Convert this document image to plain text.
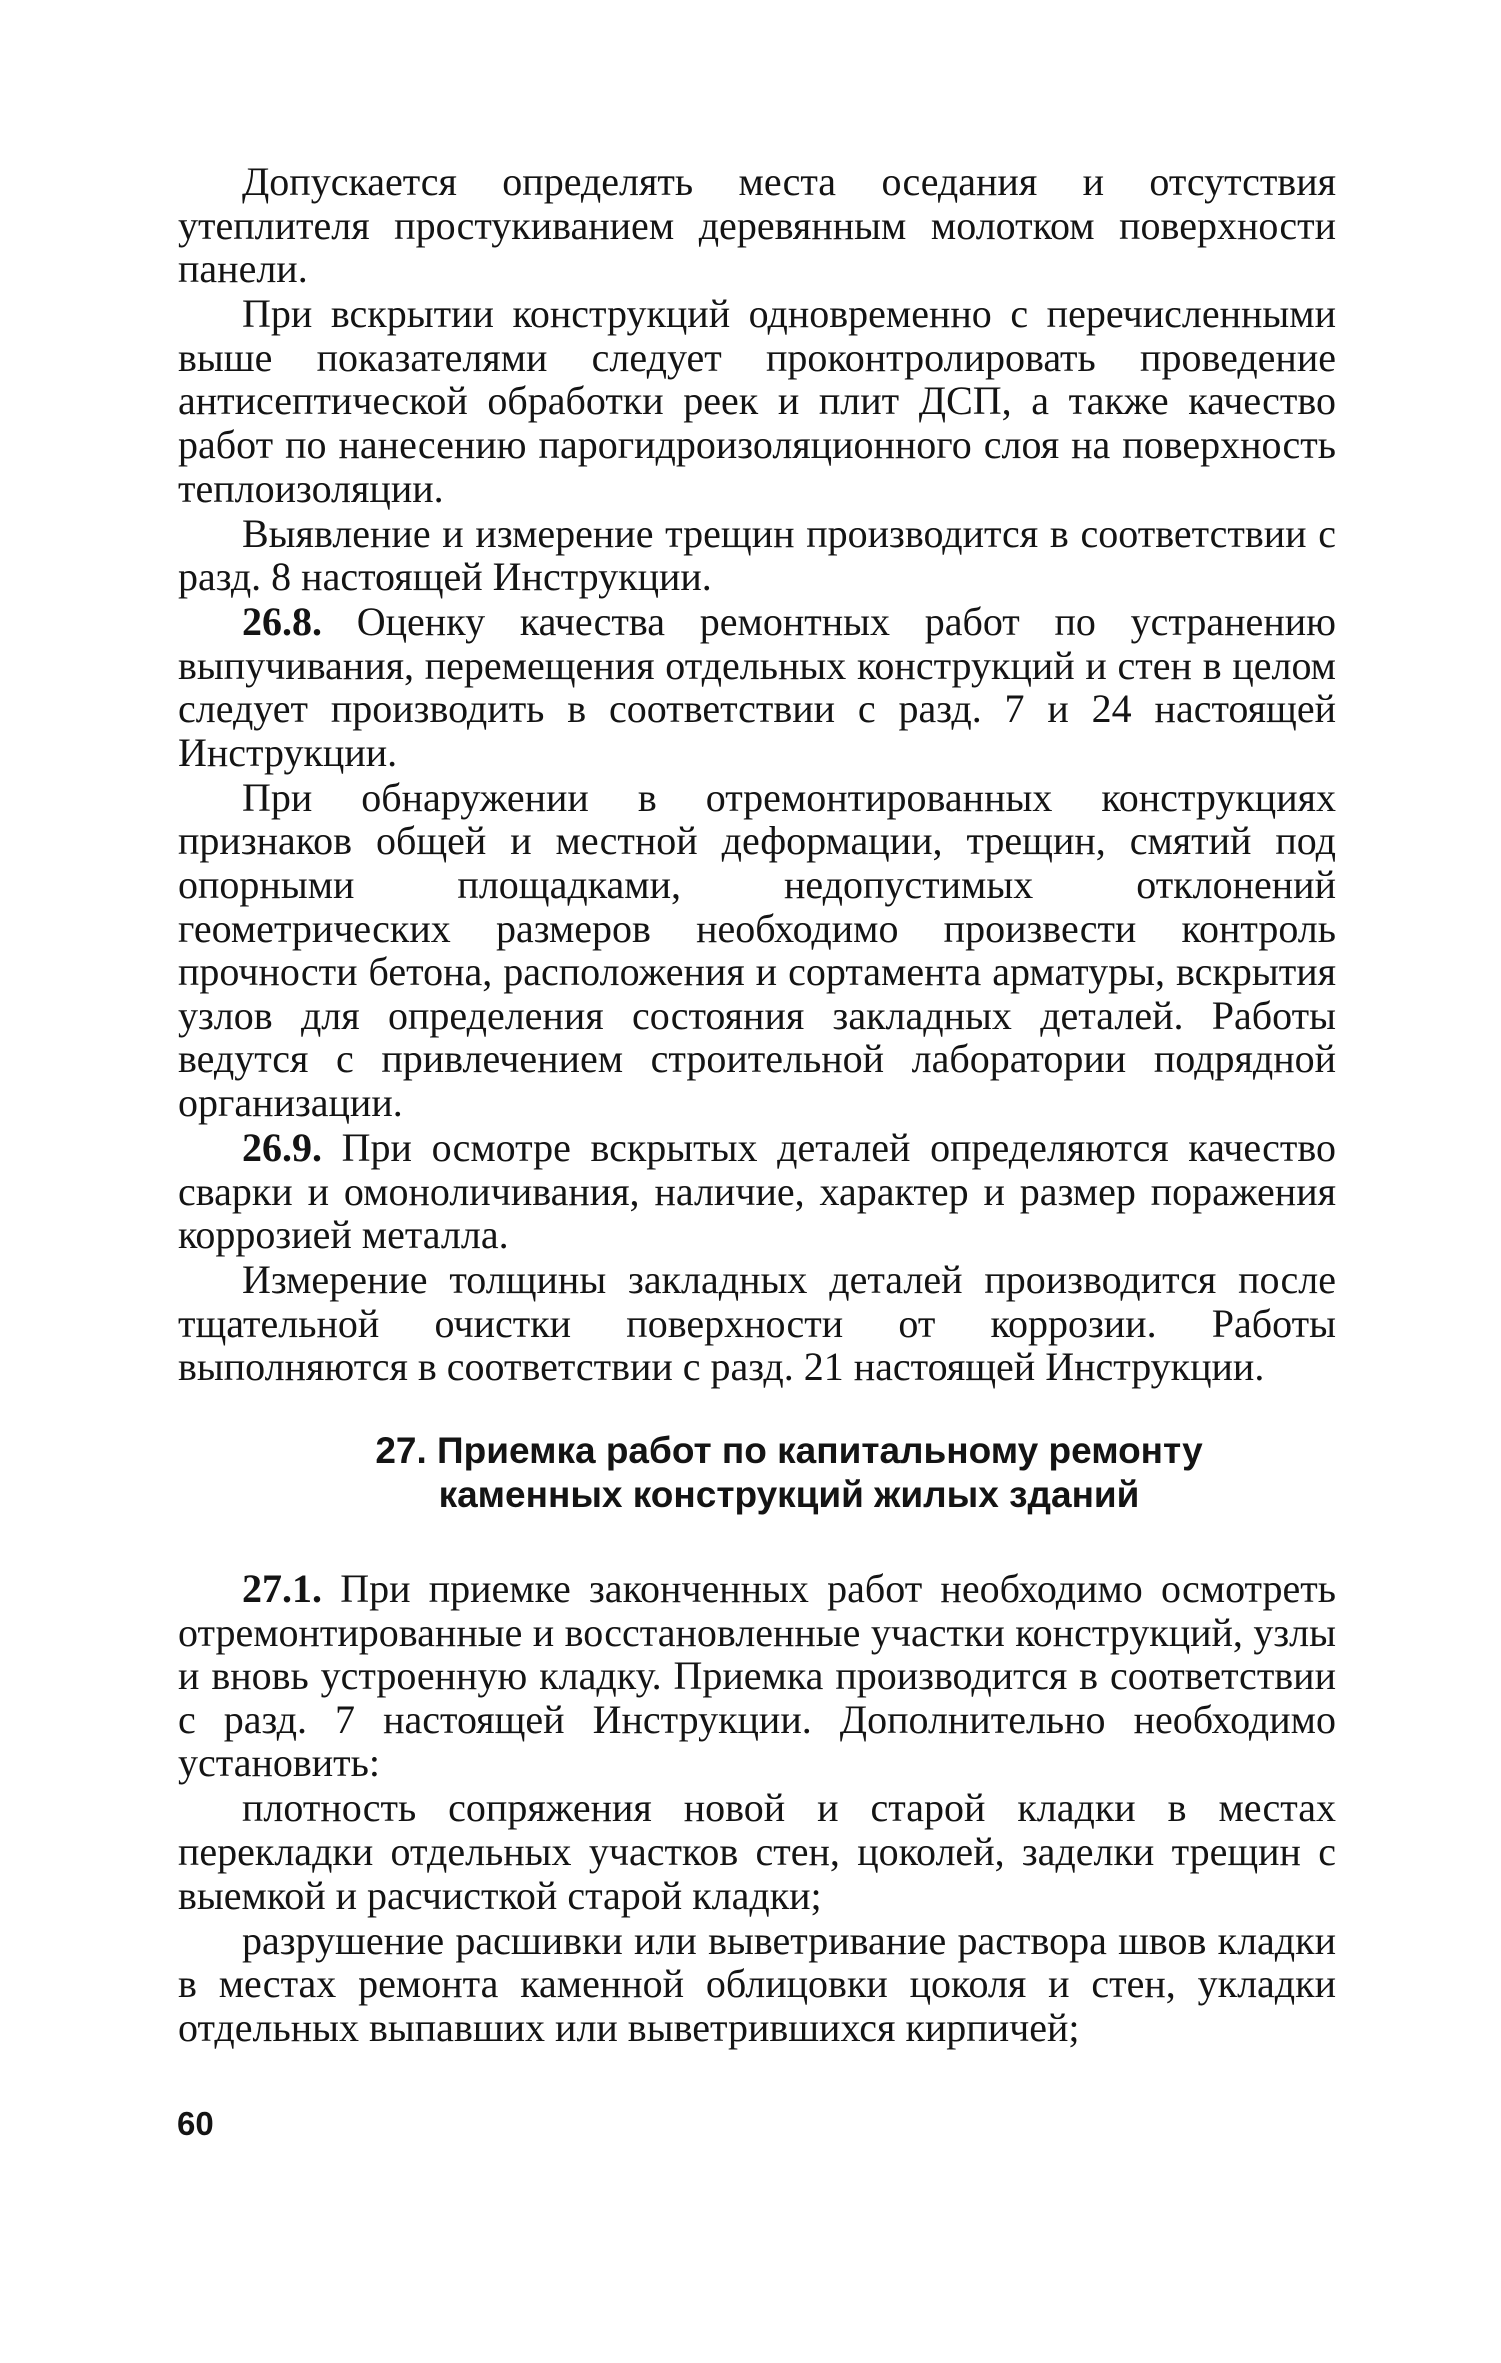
Допускается определять места оседания и отсутствия утеплителя простукиванием деревянным молотком поверхности панели.

При вскрытии конструкций одновременно с перечисленными выше показателями следует проконтролировать проведение антисептической обработки реек и плит ДСП, а также качество работ по нанесению парогидроизоляционного слоя на поверхность теплоизоляции.

Выявление и измерение трещин производится в соответствии с разд. 8 настоящей Инструкции.

26.8. Оценку качества ремонтных работ по устранению выпучивания, перемещения отдельных конструкций и стен в целом следует производить в соответствии с разд. 7 и 24 настоящей Инструкции.

При обнаружении в отремонтированных конструкциях признаков общей и местной деформации, трещин, смятий под опорными площадками, недопустимых отклонений геометрических размеров необходимо произвести контроль прочности бетона, расположения и сортамента арматуры, вскрытия узлов для определения состояния закладных деталей. Работы ведутся с привлечением строительной лаборатории подрядной организации.

26.9. При осмотре вскрытых деталей определяются качество сварки и омоноличивания, наличие, характер и размер поражения коррозией металла.

Измерение толщины закладных деталей производится после тщательной очистки поверхности от коррозии. Работы выполняются в соответствии с разд. 21 настоящей Инструкции.

27. Приемка работ по капитальному ремонту
каменных конструкций жилых зданий

27.1. При приемке законченных работ необходимо осмотреть отремонтированные и восстановленные участки конструкций, узлы и вновь устроенную кладку. Приемка производится в соответствии с разд. 7 настоящей Инструкции. Дополнительно необходимо установить:

плотность сопряжения новой и старой кладки в местах перекладки отдельных участков стен, цоколей, заделки трещин с выемкой и расчисткой старой кладки;

разрушение расшивки или выветривание раствора швов кладки в местах ремонта каменной облицовки цоколя и стен, укладки отдельных выпавших или выветрившихся кирпичей;

60
